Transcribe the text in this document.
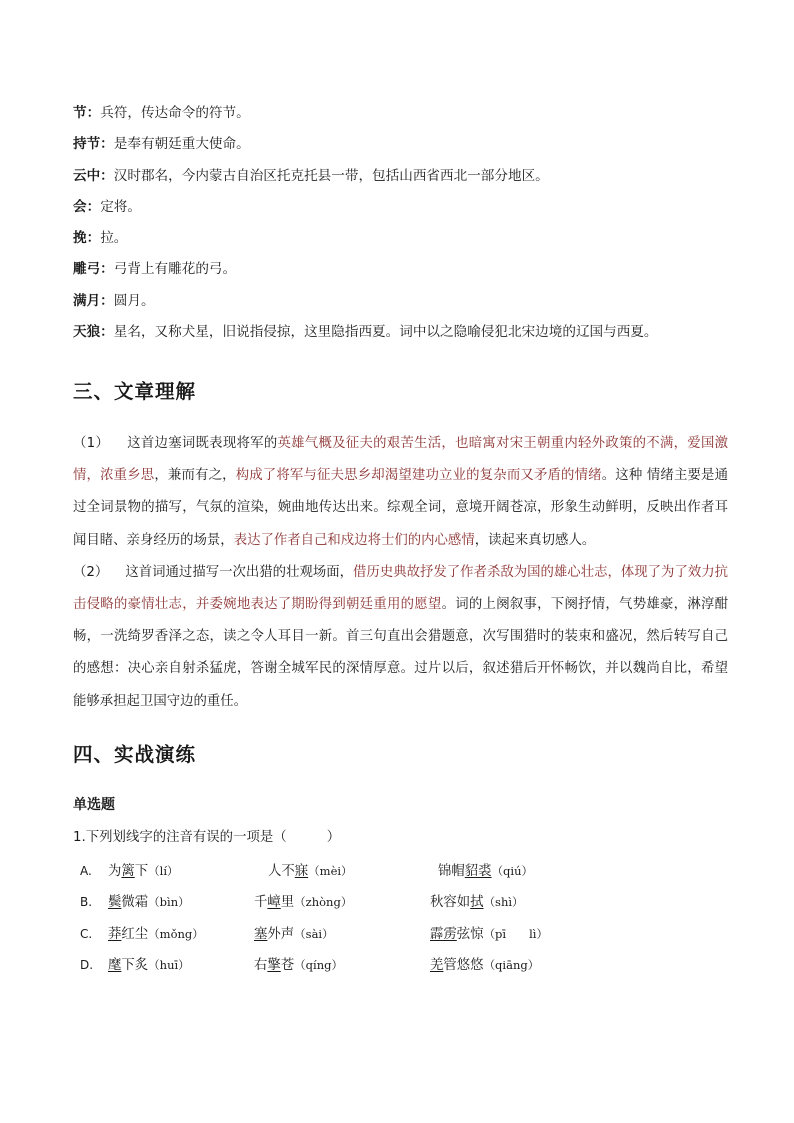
节：兵符，传达命令的符节。
持节：是奉有朝廷重大使命。
云中：汉时郡名，今内蒙古自治区托克托县一带，包括山西省西北一部分地区。
会：定将。
挽：拉。
雕弓：弓背上有雕花的弓。
满月：圆月。
天狼：星名，又称犬星，旧说指侵掠，这里隐指西夏。词中以之隐喻侵犯北宋边境的辽国与西夏。
三、文章理解

（1） 这首边塞词既表现将军的英雄气概及征夫的艰苦生活，也暗寓对宋王朝重内轻外政策的不满，爱国激情，浓重乡思，兼而有之，构成了将军与征夫思乡却渴望建功立业的复杂而又矛盾的情绪。这种 情绪主要是通过全词景物的描写，气氛的渲染，婉曲地传达出来。综观全词，意境开阔苍凉，形象生动鲜明，反映出作者耳闻目睹、亲身经历的场景，表达了作者自己和戍边将士们的内心感情，读起来真切感人。

（2） 这首词通过描写一次出猎的壮观场面，借历史典故抒发了作者杀敌为国的雄心壮志，体现了为了效力抗击侵略的豪情壮志，并委婉地表达了期盼得到朝廷重用的愿望。词的上阕叙事，下阕抒情，气势雄豪，淋淳酣畅，一洗绮罗香泽之态，读之令人耳目一新。首三句直出会猎题意，次写围猎时的装束和盛况，然后转写自己的感想：决心亲自射杀猛虎，答谢全城军民的深情厚意。过片以后，叙述猎后开怀畅饮，并以魏尚自比，希望能够承担起卫国守边的重任。

四、实战演练
单选题
1.下列划线字的注音有误的一项是（　　　）
A. 为篱下（lí）	人不寐（mèi）	锦帽貂裘（qiú）
B. 鬓微霜（bìn）	千嶂里（zhòng）	秋容如拭（shì）
C. 莽红尘（mǒng）	塞外声（sài）	霹雳弦惊（pī　　lì）
D. 麾下炙（huī）	右擎苍（qíng）	羌管悠悠（qiāng）
